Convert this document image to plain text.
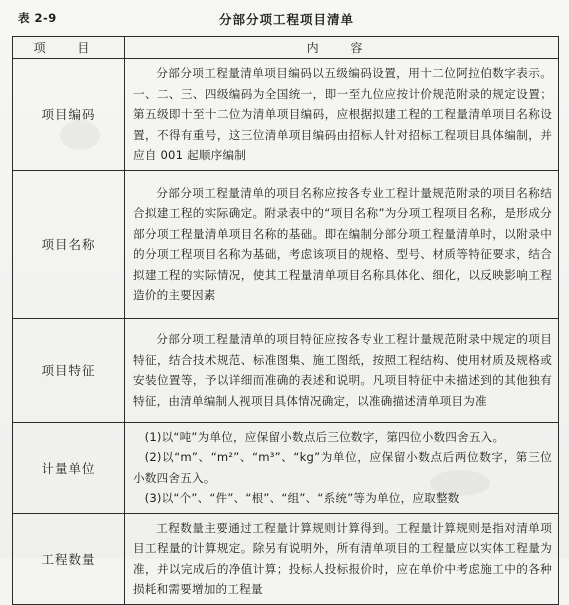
表 2-9	分部分项工程项目清单
项 目	内 容
项目编码	分部分项工程量清单项目编码以五级编码设置，用十二位阿拉伯数字表示。一、二、三、四级编码为全国统一，即一至九位应按计价规范附录的规定设置；第五级即十至十二位为清单项目编码，应根据拟建工程的工程量清单项目名称设置，不得有重号，这三位清单项目编码由招标人针对招标工程项目具体编制，并应自 001 起顺序编制

项目名称	分部分项工程量清单的项目名称应按各专业工程计量规范附录的项目名称结合拟建工程的实际确定。附录表中的“项目名称”为分项工程项目名称，是形成分部分项工程量清单项目名称的基础。即在编制分部分项工程量清单时，以附录中的分项工程项目名称为基础，考虑该项目的规格、型号、材质等特征要求，结合拟建工程的实际情况，使其工程量清单项目名称具体化、细化，以反映影响工程造价的主要因素

项目特征	分部分项工程量清单的项目特征应按各专业工程计量规范附录中规定的项目特征，结合技术规范、标准图集、施工图纸，按照工程结构、使用材质及规格或安装位置等，予以详细而准确的表述和说明。凡项目特征中未描述到的其他独有特征，由清单编制人视项目具体情况确定，以准确描述清单项目为准

计量单位	(1)以“吨”为单位，应保留小数点后三位数字，第四位小数四舍五入。
(2)以“m”、“m²”、“m³”、“kg”为单位，应保留小数点后两位数字，第三位小数四舍五入。
(3)以“个”、“件”、“根”、“组”、“系统”等为单位，应取整数

工程数量	工程数量主要通过工程量计算规则计算得到。工程量计算规则是指对清单项目工程量的计算规定。除另有说明外，所有清单项目的工程量应以实体工程量为准，并以完成后的净值计算；投标人投标报价时，应在单价中考虑施工中的各种损耗和需要增加的工程量
